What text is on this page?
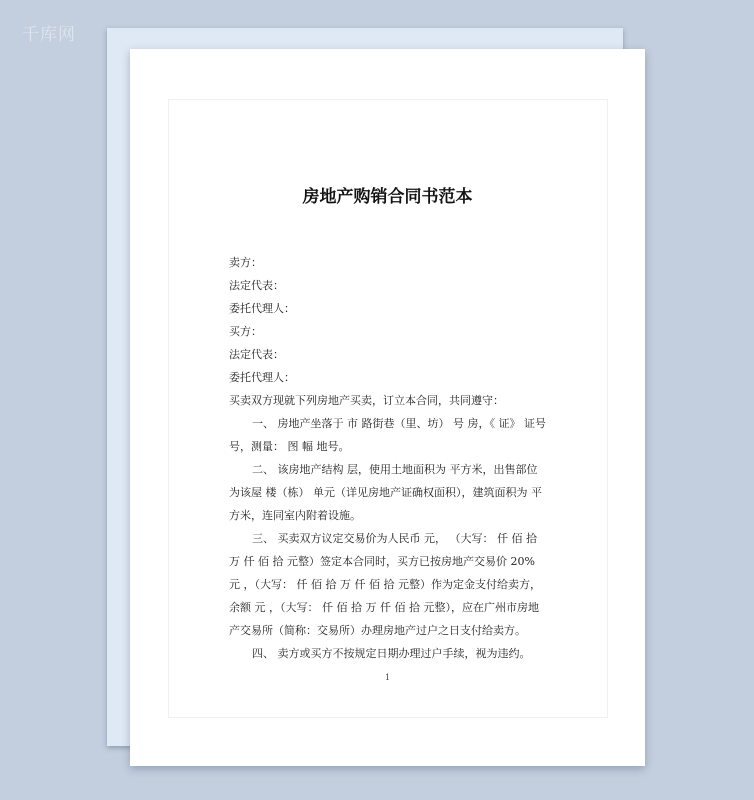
千库网
房地产购销合同书范本

卖方：

法定代表：

委托代理人：

买方：

法定代表：

委托代理人：

买卖双方现就下列房地产买卖，订立本合同，共同遵守：

一、 房地产坐落于 市 路街巷（里、坊） 号 房，《 证》 证号 号，测量： 图 幅 地号。

二、 该房地产结构 层，使用土地面积为 平方米，出售部位为该屋 楼（栋） 单元（详见房地产证确权面积），建筑面积为 平方米，连同室内附着设施。

三、 买卖双方议定交易价为人民币 元， （大写： 仟 佰 拾 万 仟 佰 拾 元整）签定本合同时，买方已按房地产交易价 20% 元 ，（大写： 仟 佰 拾 万 仟 佰 拾 元整）作为定金支付给卖方，余额 元 ，（大写： 仟 佰 拾 万 仟 佰 拾 元整），应在广州市房地产交易所（简称：交易所）办理房地产过户之日支付给卖方。

四、 卖方或买方不按规定日期办理过户手续，视为违约。

1
